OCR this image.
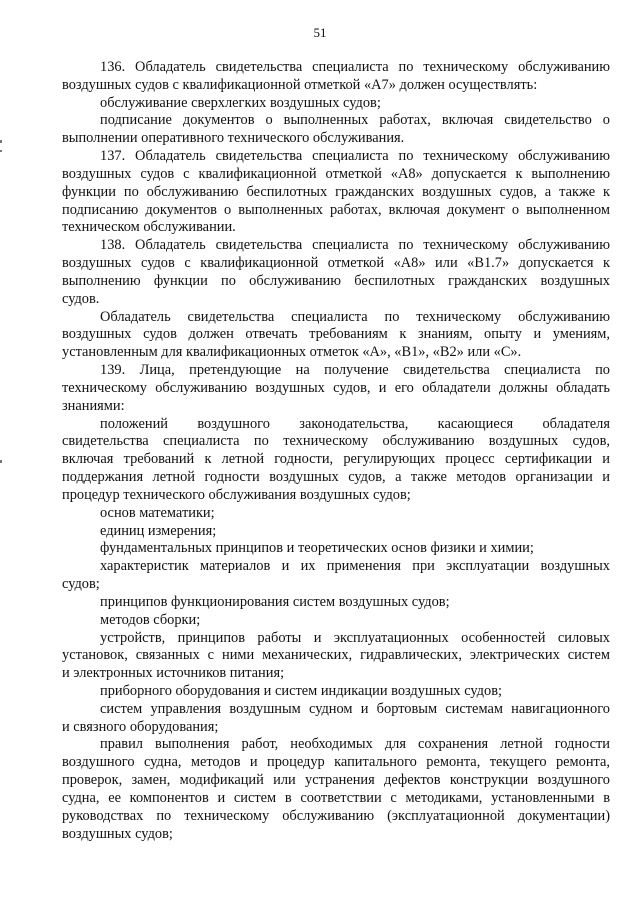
51
136. Обладатель свидетельства специалиста по техническому обслуживанию
воздушных судов с квалификационной отметкой «А7» должен осуществлять:
обслуживание сверхлегких воздушных судов;
подписание документов о выполненных работах, включая свидетельство о
выполнении оперативного технического обслуживания.
137. Обладатель свидетельства специалиста по техническому обслуживанию
воздушных судов с квалификационной отметкой «А8» допускается к выполнению
функции по обслуживанию беспилотных гражданских воздушных судов, а также к
подписанию документов о выполненных работах, включая документ о выполненном
техническом обслуживании.
138. Обладатель свидетельства специалиста по техническому обслуживанию
воздушных судов с квалификационной отметкой «А8» или «В1.7» допускается к
выполнению функции по обслуживанию беспилотных гражданских воздушных
судов.
Обладатель свидетельства специалиста по техническому обслуживанию
воздушных судов должен отвечать требованиям к знаниям, опыту и умениям,
установленным для квалификационных отметок «А», «В1», «В2» или «С».
139. Лица, претендующие на получение свидетельства специалиста по
техническому обслуживанию воздушных судов, и его обладатели должны обладать
знаниями:
положений воздушного законодательства, касающиеся обладателя
свидетельства специалиста по техническому обслуживанию воздушных судов,
включая требований к летной годности, регулирующих процесс сертификации и
поддержания летной годности воздушных судов, а также методов организации и
процедур технического обслуживания воздушных судов;
основ математики;
единиц измерения;
фундаментальных принципов и теоретических основ физики и химии;
характеристик материалов и их применения при эксплуатации воздушных
судов;
принципов функционирования систем воздушных судов;
методов сборки;
устройств, принципов работы и эксплуатационных особенностей силовых
установок, связанных с ними механических, гидравлических, электрических систем
и электронных источников питания;
приборного оборудования и систем индикации воздушных судов;
систем управления воздушным судном и бортовым системам навигационного
и связного оборудования;
правил выполнения работ, необходимых для сохранения летной годности
воздушного судна, методов и процедур капитального ремонта, текущего ремонта,
проверок, замен, модификаций или устранения дефектов конструкции воздушного
судна, ее компонентов и систем в соответствии с методиками, установленными в
руководствах по техническому обслуживанию (эксплуатационной документации)
воздушных судов;
